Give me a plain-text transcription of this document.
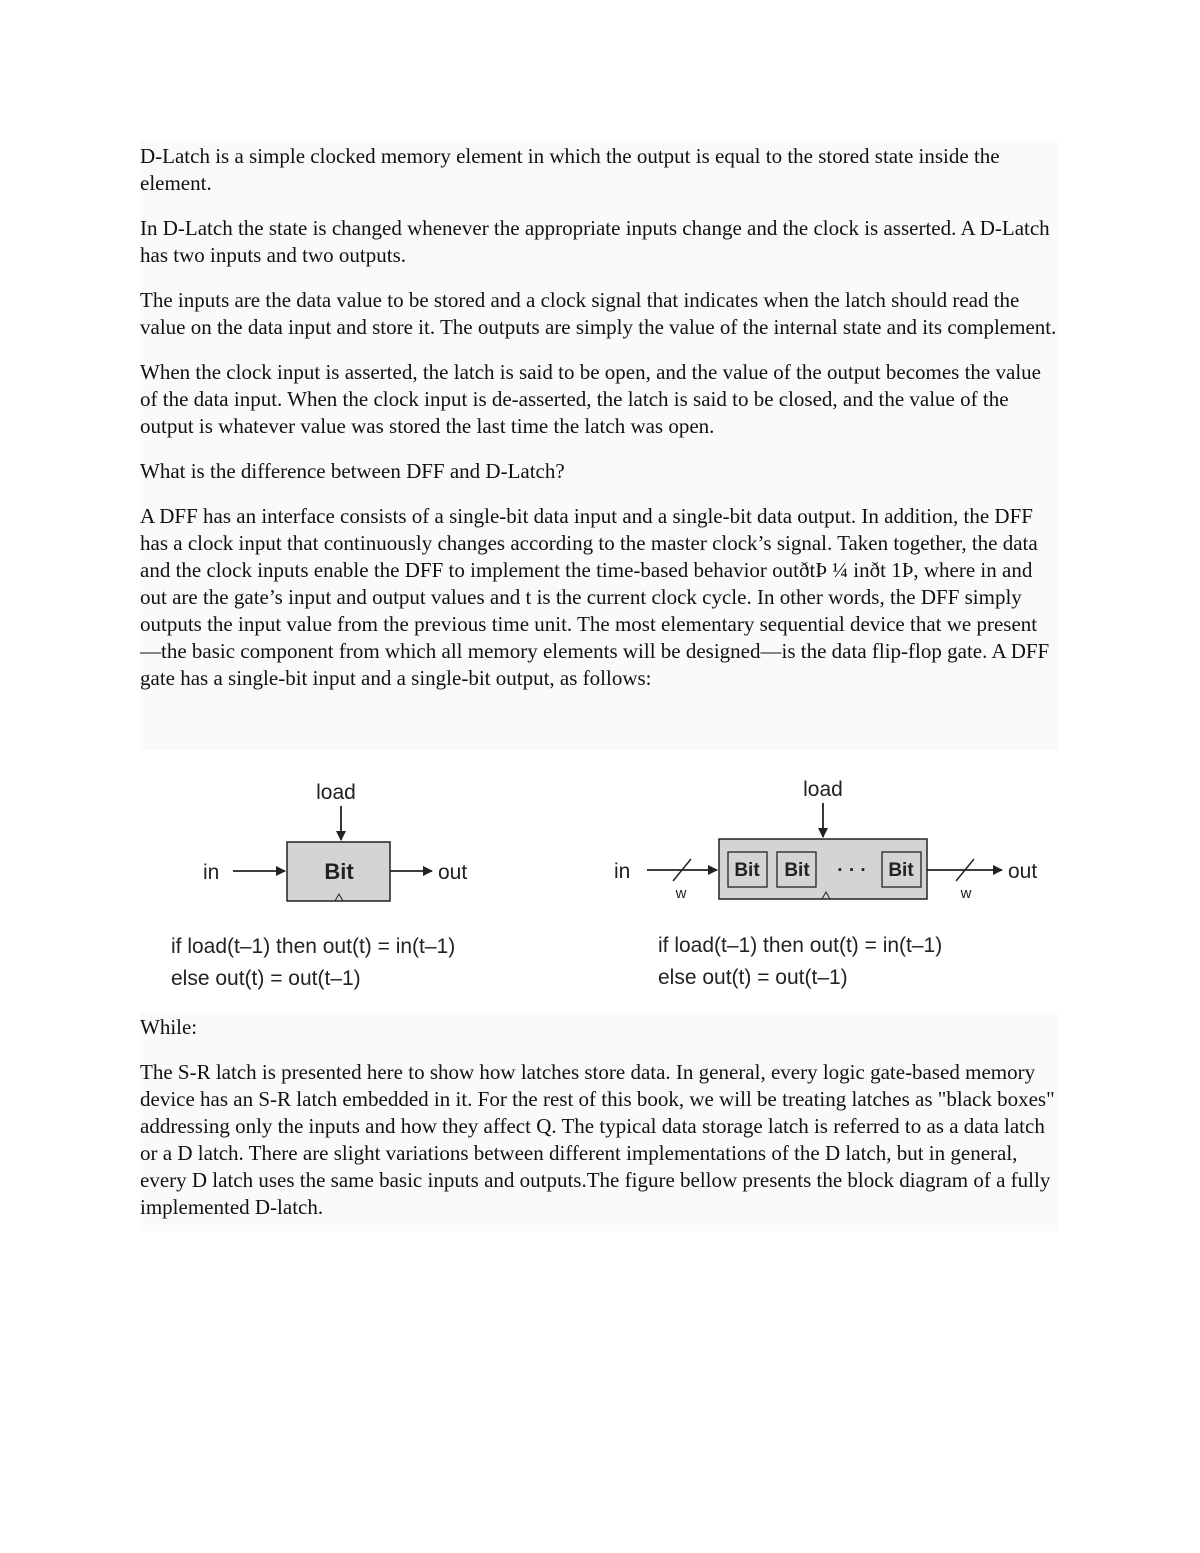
D-Latch is a simple clocked memory element in which the output is equal to the stored state inside the element.

In D-Latch the state is changed whenever the appropriate inputs change and the clock is asserted. A D-Latch has two inputs and two outputs.

The inputs are the data value to be stored and a clock signal that indicates when the latch should read the value on the data input and store it. The outputs are simply the value of the internal state and its complement.

When the clock input is asserted, the latch is said to be open, and the value of the output becomes the value of the data input. When the clock input is de-asserted, the latch is said to be closed, and the value of the output is whatever value was stored the last time the latch was open.

What is the difference between DFF and D-Latch?

A DFF has an interface consists of a single-bit data input and a single-bit data output. In addition, the DFF has a clock input that continuously changes according to the master clock’s signal. Taken together, the data and the clock inputs enable the DFF to implement the time-based behavior outðtÞ ¼ inðt 1Þ, where in and out are the gate’s input and output values and t is the current clock cycle. In other words, the DFF simply outputs the input value from the previous time unit. The most elementary sequential device that we present—the basic component from which all memory elements will be designed—is the data flip-flop gate. A DFF gate has a single-bit input and a single-bit output, as follows:

load
Bit
in	out
if load(t–1) then out(t) = in(t–1)
else out(t) = out(t–1)
load
Bit Bit · · · Bit
in
w	w
out
if load(t–1) then out(t) = in(t–1)
else out(t) = out(t–1)

While:

The S-R latch is presented here to show how latches store data. In general, every logic gate-based memory device has an S-R latch embedded in it. For the rest of this book, we will be treating latches as "black boxes" addressing only the inputs and how they affect Q. The typical data storage latch is referred to as a data latch or a D latch. There are slight variations between different implementations of the D latch, but in general, every D latch uses the same basic inputs and outputs.The figure bellow presents the block diagram of a fully implemented D-latch.
